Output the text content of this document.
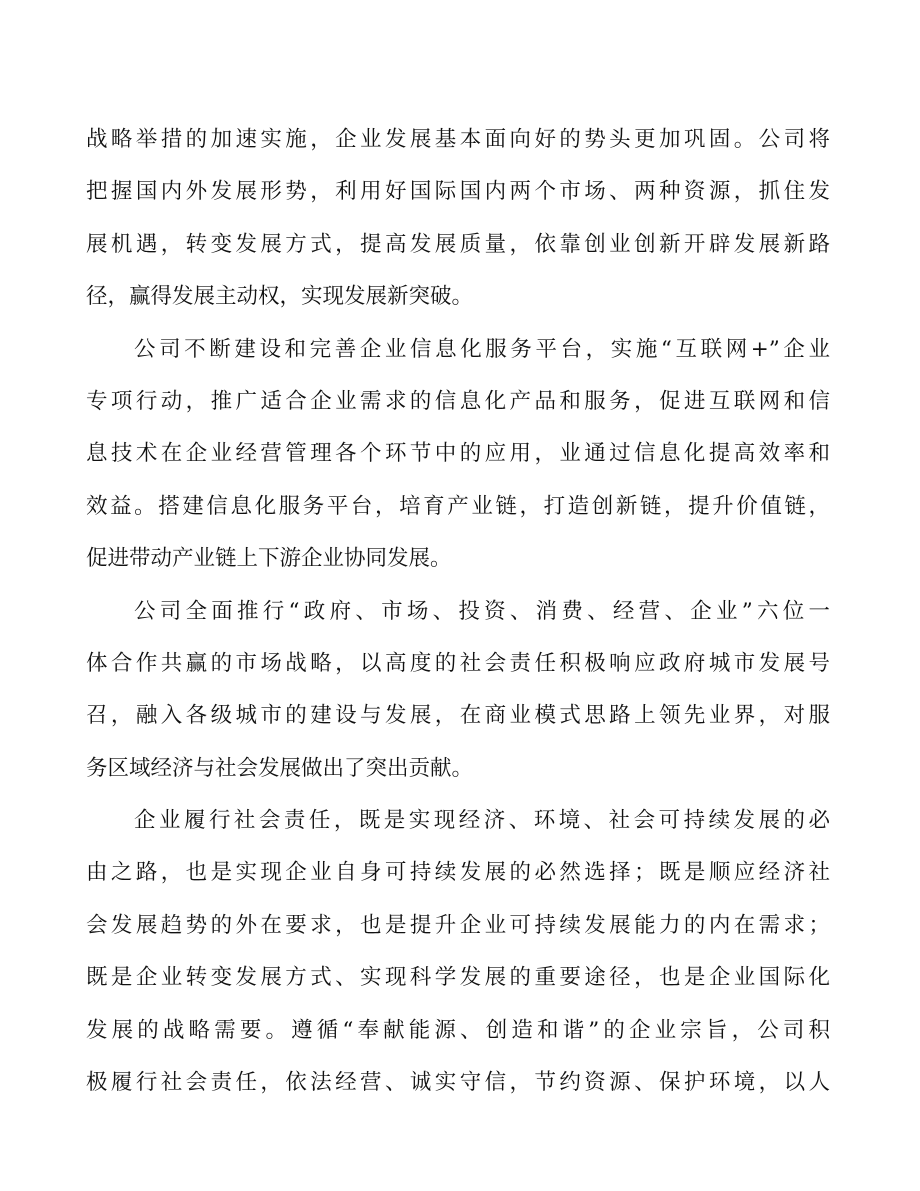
战略举措的加速实施，企业发展基本面向好的势头更加巩固。公司将
把握国内外发展形势，利用好国际国内两个市场、两种资源，抓住发
展机遇，转变发展方式，提高发展质量，依靠创业创新开辟发展新路
径，赢得发展主动权，实现发展新突破。
公司不断建设和完善企业信息化服务平台，实施“互联网+”企业
专项行动，推广适合企业需求的信息化产品和服务，促进互联网和信
息技术在企业经营管理各个环节中的应用，业通过信息化提高效率和
效益。搭建信息化服务平台，培育产业链，打造创新链，提升价值链，
促进带动产业链上下游企业协同发展。
公司全面推行“政府、市场、投资、消费、经营、企业”六位一
体合作共赢的市场战略，以高度的社会责任积极响应政府城市发展号
召，融入各级城市的建设与发展，在商业模式思路上领先业界，对服
务区域经济与社会发展做出了突出贡献。
企业履行社会责任，既是实现经济、环境、社会可持续发展的必
由之路，也是实现企业自身可持续发展的必然选择；既是顺应经济社
会发展趋势的外在要求，也是提升企业可持续发展能力的内在需求；
既是企业转变发展方式、实现科学发展的重要途径，也是企业国际化
发展的战略需要。遵循“奉献能源、创造和谐”的企业宗旨，公司积
极履行社会责任，依法经营、诚实守信，节约资源、保护环境，以人
